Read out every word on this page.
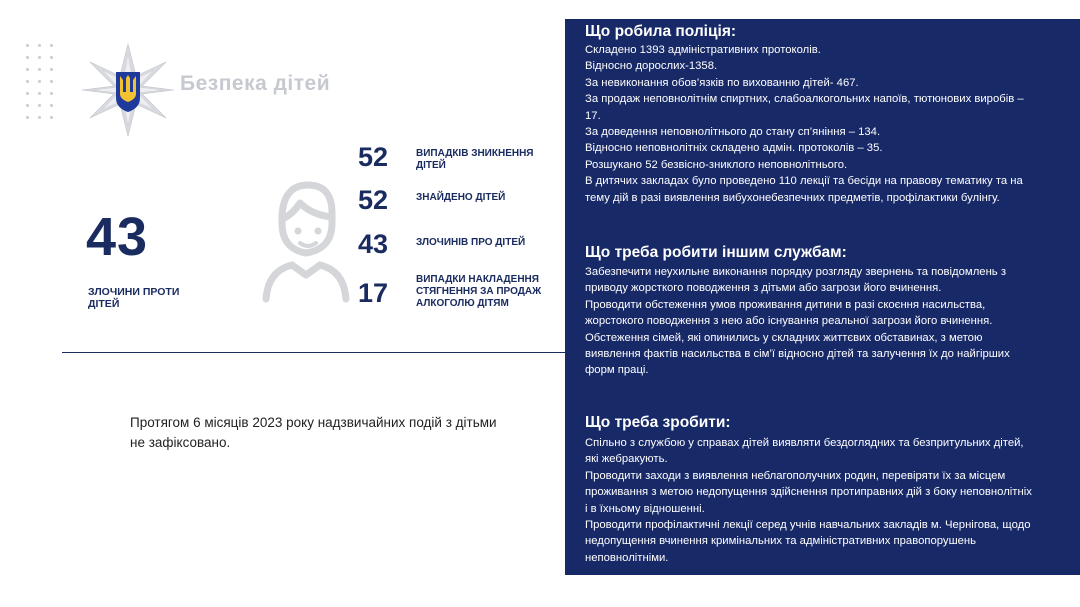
Безпека дітей
43
ЗЛОЧИНИ ПРОТИ ДІТЕЙ
52	ВИПАДКІВ ЗНИКНЕННЯ ДІТЕЙ
52	ЗНАЙДЕНО ДІТЕЙ
43	ЗЛОЧИНІВ ПРО ДІТЕЙ
17	ВИПАДКИ НАКЛАДЕННЯ СТЯГНЕННЯ ЗА ПРОДАЖ АЛКОГОЛЮ ДІТЯМ
Протягом 6 місяців 2023 року надзвичайних подій з дітьми не зафіксовано.
Що робила поліція:
Складено 1393 адміністративних протоколів.
Відносно дорослих-1358.
За невиконання обов’язків по вихованню дітей- 467.
За продаж неповнолітнім спиртних, слабоалкогольних напоїв, тютюнових виробів – 17.
За доведення неповнолітнього до стану сп’яніння – 134.
Відносно неповнолітніх складено адмін. протоколів – 35.
Розшукано 52 безвісно-зниклого неповнолітнього.
В дитячих закладах було проведено 110 лекції та бесіди на правову тематику та на тему дій в разі виявлення вибухонебезпечних предметів, профілактики булінгу.
Що треба робити іншим службам:
Забезпечити неухильне виконання порядку розгляду звернень та повідомлень з приводу жорсткого поводження з дітьми або загрози його вчинення.
Проводити обстеження умов проживання дитини в разі скоєння насильства, жорстокого поводження з нею або існування реальної загрози його вчинення.
Обстеження сімей, які опинились у складних життєвих обставинах, з метою виявлення фактів насильства в сім’ї відносно дітей та залучення їх до найгірших форм праці.
Що треба зробити:
Спільно з службою у справах дітей виявляти бездоглядних та безпритульних дітей, які жебракують.
Проводити заходи з виявлення неблагополучних родин, перевіряти їх за місцем проживання з метою недопущення здійснення протиправних дій з боку неповнолітніх і в їхньому відношенні.
Проводити профілактичні лекції серед учнів навчальних закладів м. Чернігова, щодо недопущення вчинення кримінальних та адміністративних правопорушень неповнолітніми.
